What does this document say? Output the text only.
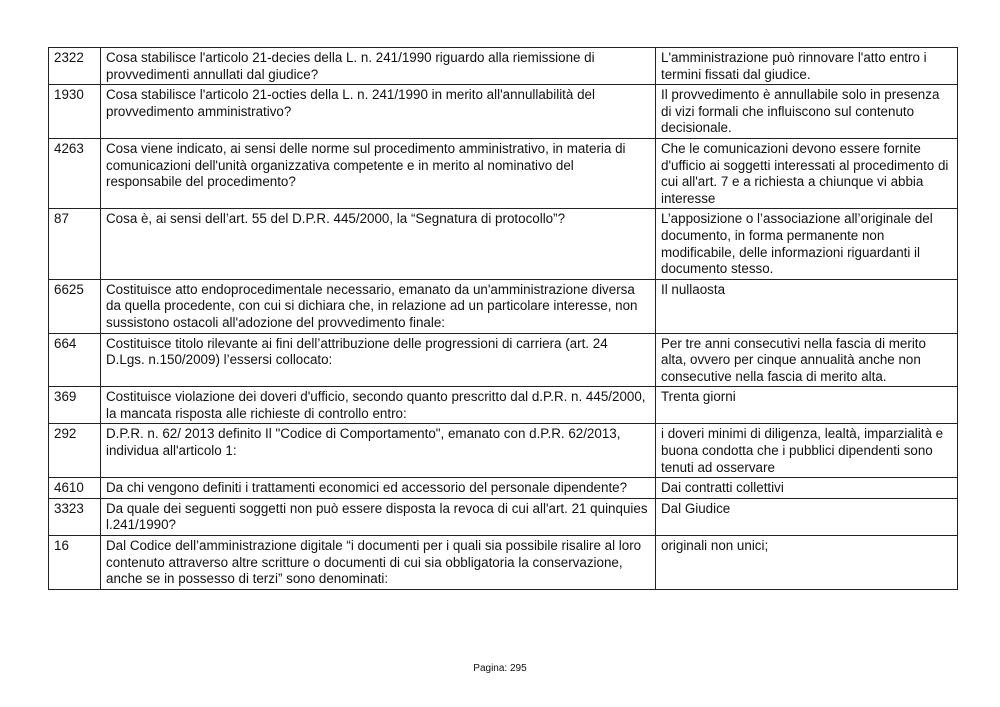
2322	Cosa stabilisce l'articolo 21-decies della L. n. 241/1990 riguardo alla riemissione di provvedimenti annullati dal giudice?	L'amministrazione può rinnovare l'atto entro i termini fissati dal giudice.
1930	Cosa stabilisce l'articolo 21-octies della L. n. 241/1990 in merito all'annullabilità del provvedimento amministrativo?	Il provvedimento è annullabile solo in presenza di vizi formali che influiscono sul contenuto decisionale.
4263	Cosa viene indicato, ai sensi delle norme sul procedimento amministrativo, in materia di comunicazioni dell'unità organizzativa competente e in merito al nominativo del responsabile del procedimento?	Che le comunicazioni devono essere fornite d'ufficio ai soggetti interessati al procedimento di cui all'art. 7 e a richiesta a chiunque vi abbia interesse
87	Cosa è, ai sensi dell’art. 55 del D.P.R. 445/2000, la “Segnatura di protocollo”?	L’apposizione o l’associazione all’originale del documento, in forma permanente non modificabile, delle informazioni riguardanti il documento stesso.
6625	Costituisce atto endoprocedimentale necessario, emanato da un'amministrazione diversa da quella procedente, con cui si dichiara che, in relazione ad un particolare interesse, non sussistono ostacoli all'adozione del provvedimento finale:	Il nullaosta
664	Costituisce titolo rilevante ai fini dell’attribuzione delle progressioni di carriera (art. 24 D.Lgs. n.150/2009) l’essersi collocato:	Per tre anni consecutivi nella fascia di merito alta, ovvero per cinque annualità anche non consecutive nella fascia di merito alta.
369	Costituisce violazione dei doveri d'ufficio, secondo quanto prescritto dal d.P.R. n. 445/2000, la mancata risposta alle richieste di controllo entro:	Trenta giorni
292	D.P.R. n. 62/ 2013 definito Il "Codice di Comportamento", emanato con d.P.R. 62/2013, individua all'articolo 1:	i doveri minimi di diligenza, lealtà, imparzialità e buona condotta che i pubblici dipendenti sono tenuti ad osservare
4610	Da chi vengono definiti i trattamenti economici ed accessorio del personale dipendente?	Dai contratti collettivi
3323	Da quale dei seguenti soggetti non può essere disposta la revoca di cui all'art. 21 quinquies l.241/1990?	Dal Giudice
16	Dal Codice dell’amministrazione digitale “i documenti per i quali sia possibile risalire al loro contenuto attraverso altre scritture o documenti di cui sia obbligatoria la conservazione, anche se in possesso di terzi” sono denominati:	originali non unici;
Pagina: 295
